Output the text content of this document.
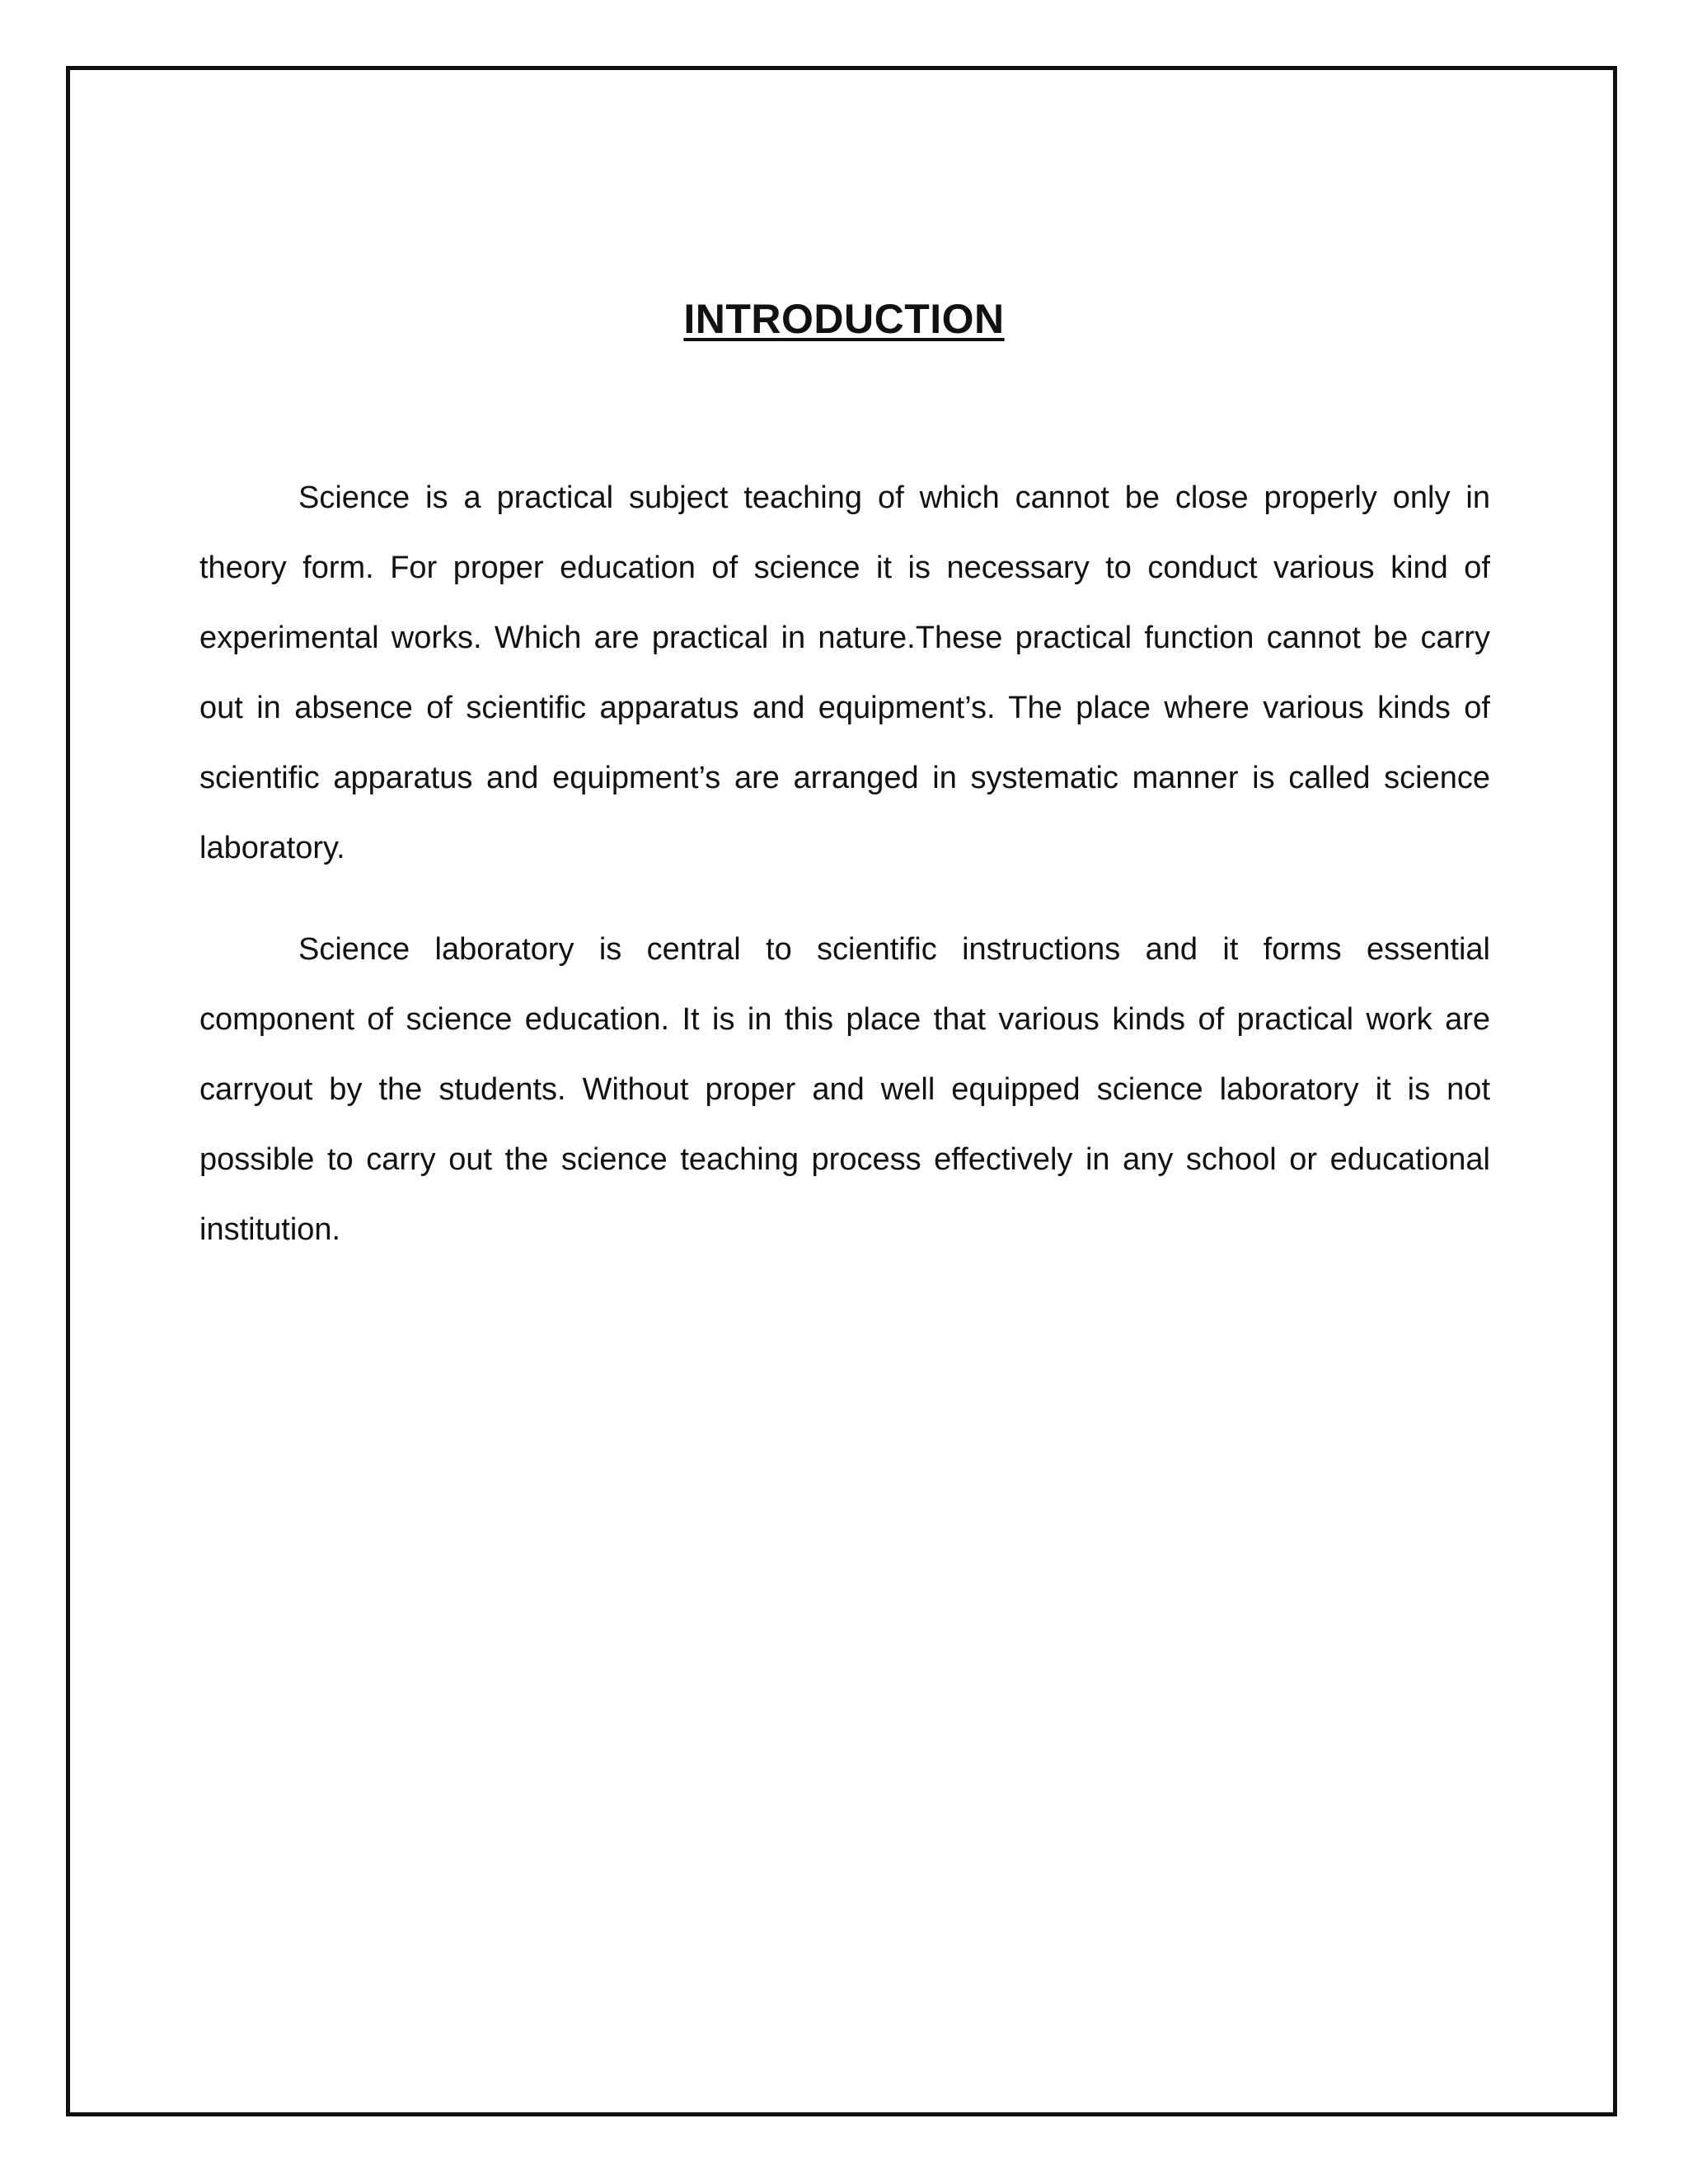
INTRODUCTION

Science is a practical subject teaching of which cannot be close properly only in theory form. For proper education of science it is necessary to conduct various kind of experimental works. Which are practical in nature.These practical function cannot be carry out in absence of scientific apparatus and equipment’s. The place where various kinds of scientific apparatus and equipment’s are arranged in systematic manner is called science laboratory.

Science laboratory is central to scientific instructions and it forms essential component of science education. It is in this place that various kinds of practical work are carryout by the students. Without proper and well equipped science laboratory it is not possible to carry out the science teaching process effectively in any school or educational institution.
